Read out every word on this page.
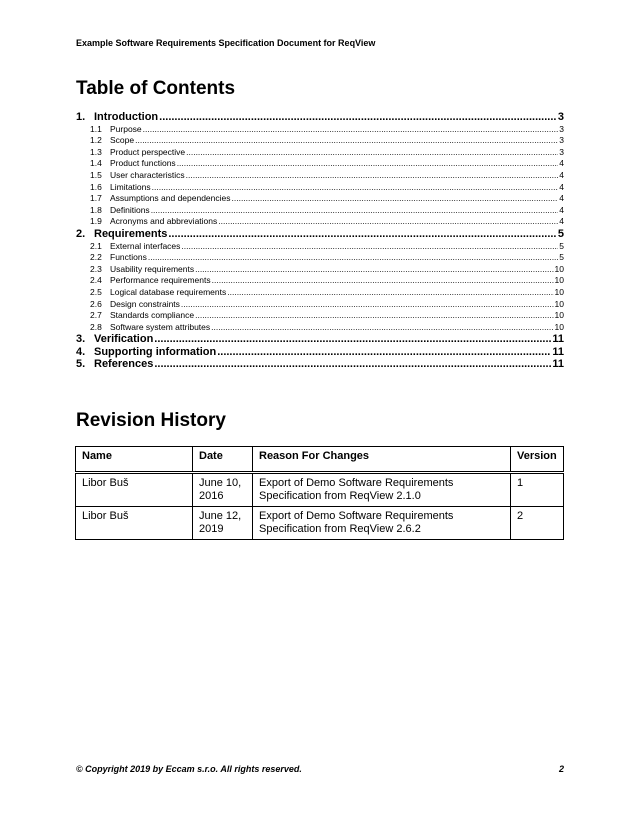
Example Software Requirements Specification Document for ReqView
Table of Contents
1. Introduction .....	3
1.1 Purpose .....	3
1.2 Scope .....	3
1.3 Product perspective .....	3
1.4 Product functions .....	4
1.5 User characteristics .....	4
1.6 Limitations .....	4
1.7 Assumptions and dependencies .....	4
1.8 Definitions .....	4
1.9 Acronyms and abbreviations .....	4
2. Requirements .....	5
2.1 External interfaces .....	5
2.2 Functions .....	5
2.3 Usability requirements .....	10
2.4 Performance requirements .....	10
2.5 Logical database requirements .....	10
2.6 Design constraints .....	10
2.7 Standards compliance .....	10
2.8 Software system attributes .....	10
3. Verification .....	11
4. Supporting information .....	11
5. References .....	11
Revision History
Name	Date	Reason For Changes	Version
Libor Buš	June 10, 2016	Export of Demo Software Requirements Specification from ReqView 2.1.0	1
Libor Buš	June 12, 2019	Export of Demo Software Requirements Specification from ReqView 2.6.2	2
© Copyright 2019 by Eccam s.r.o. All rights reserved.	2
